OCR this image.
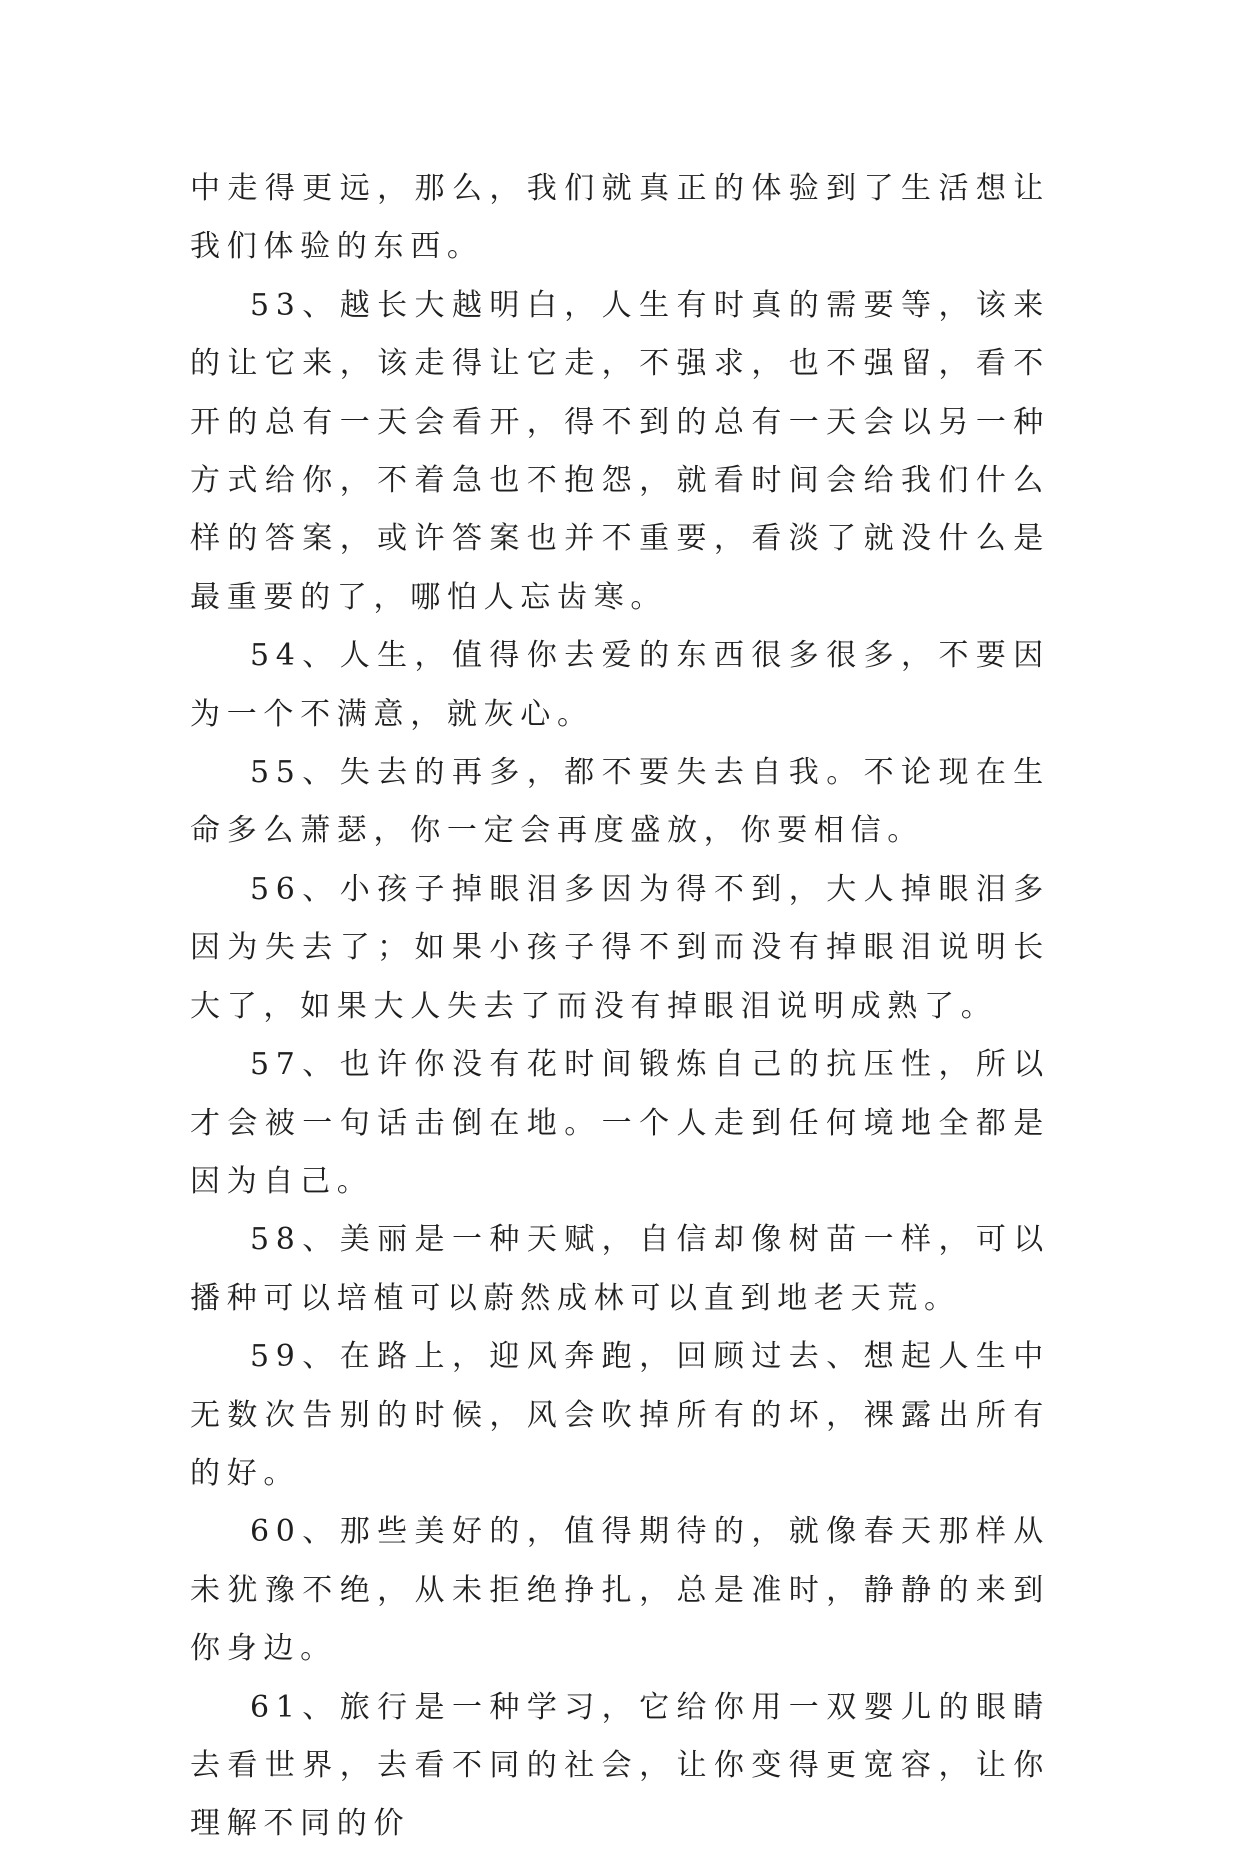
中走得更远，那么，我们就真正的体验到了生活想让我们体验的东西。

53、越长大越明白，人生有时真的需要等，该来的让它来，该走得让它走，不强求，也不强留，看不开的总有一天会看开，得不到的总有一天会以另一种方式给你，不着急也不抱怨，就看时间会给我们什么样的答案，或许答案也并不重要，看淡了就没什么是最重要的了，哪怕人忘齿寒。

54、人生，值得你去爱的东西很多很多，不要因为一个不满意，就灰心。

55、失去的再多，都不要失去自我。不论现在生命多么萧瑟，你一定会再度盛放，你要相信。

56、小孩子掉眼泪多因为得不到，大人掉眼泪多因为失去了；如果小孩子得不到而没有掉眼泪说明长大了，如果大人失去了而没有掉眼泪说明成熟了。

57、也许你没有花时间锻炼自己的抗压性，所以才会被一句话击倒在地。一个人走到任何境地全都是因为自己。

58、美丽是一种天赋，自信却像树苗一样，可以播种可以培植可以蔚然成林可以直到地老天荒。

59、在路上，迎风奔跑，回顾过去、想起人生中无数次告别的时候，风会吹掉所有的坏，裸露出所有的好。

60、那些美好的，值得期待的，就像春天那样从未犹豫不绝，从未拒绝挣扎，总是准时，静静的来到你身边。

61、旅行是一种学习，它给你用一双婴儿的眼睛去看世界，去看不同的社会，让你变得更宽容，让你理解不同的价
